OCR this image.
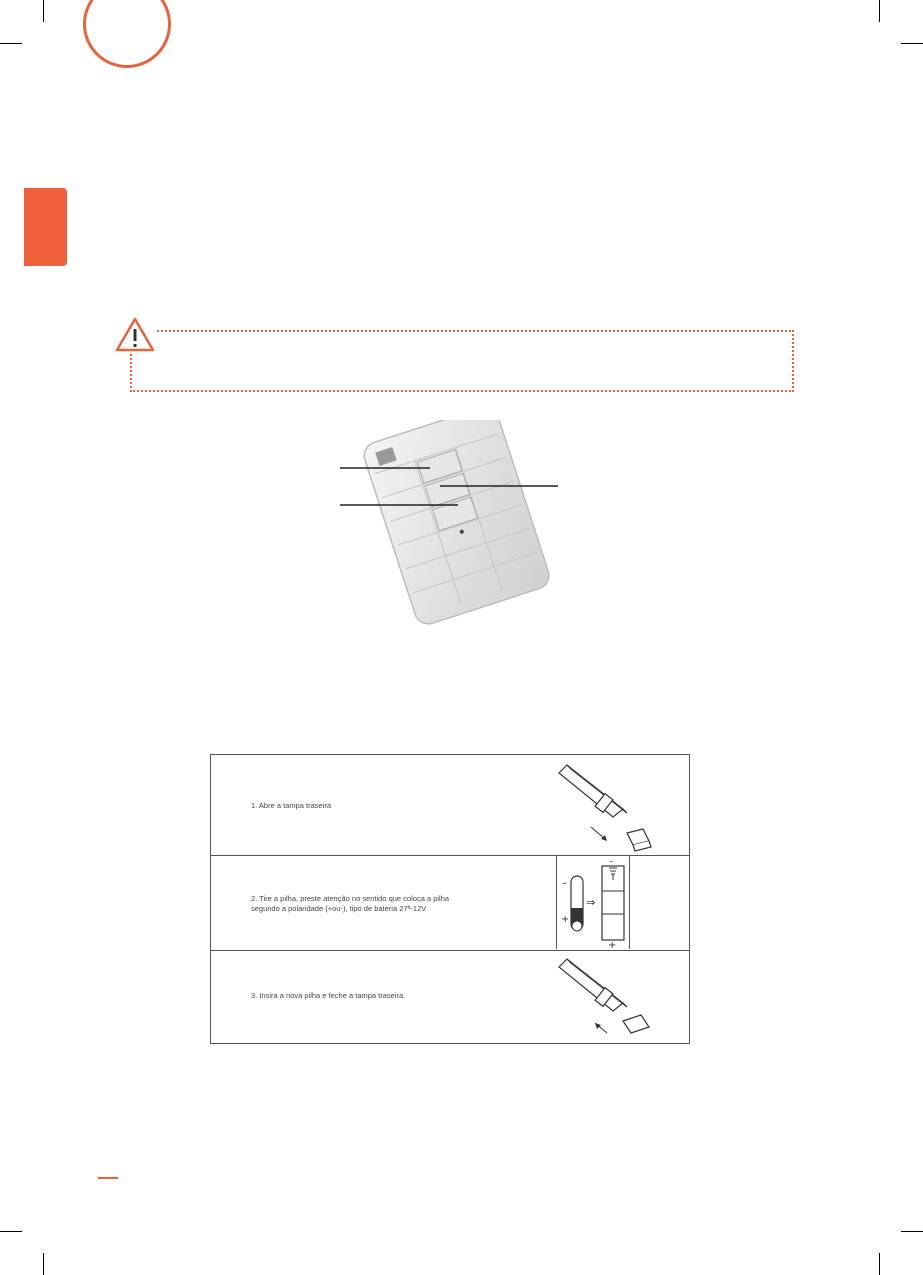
1. Abre a tampa traseira
2. Tire a pilha, preste atenção no sentido que coloca a pilha
segundo a polaridade (+ou-), tipo de bateria 27ª-12V
–
+
⇒
–
+
3. Insira a nova pilha e feche a tampa traseira.
